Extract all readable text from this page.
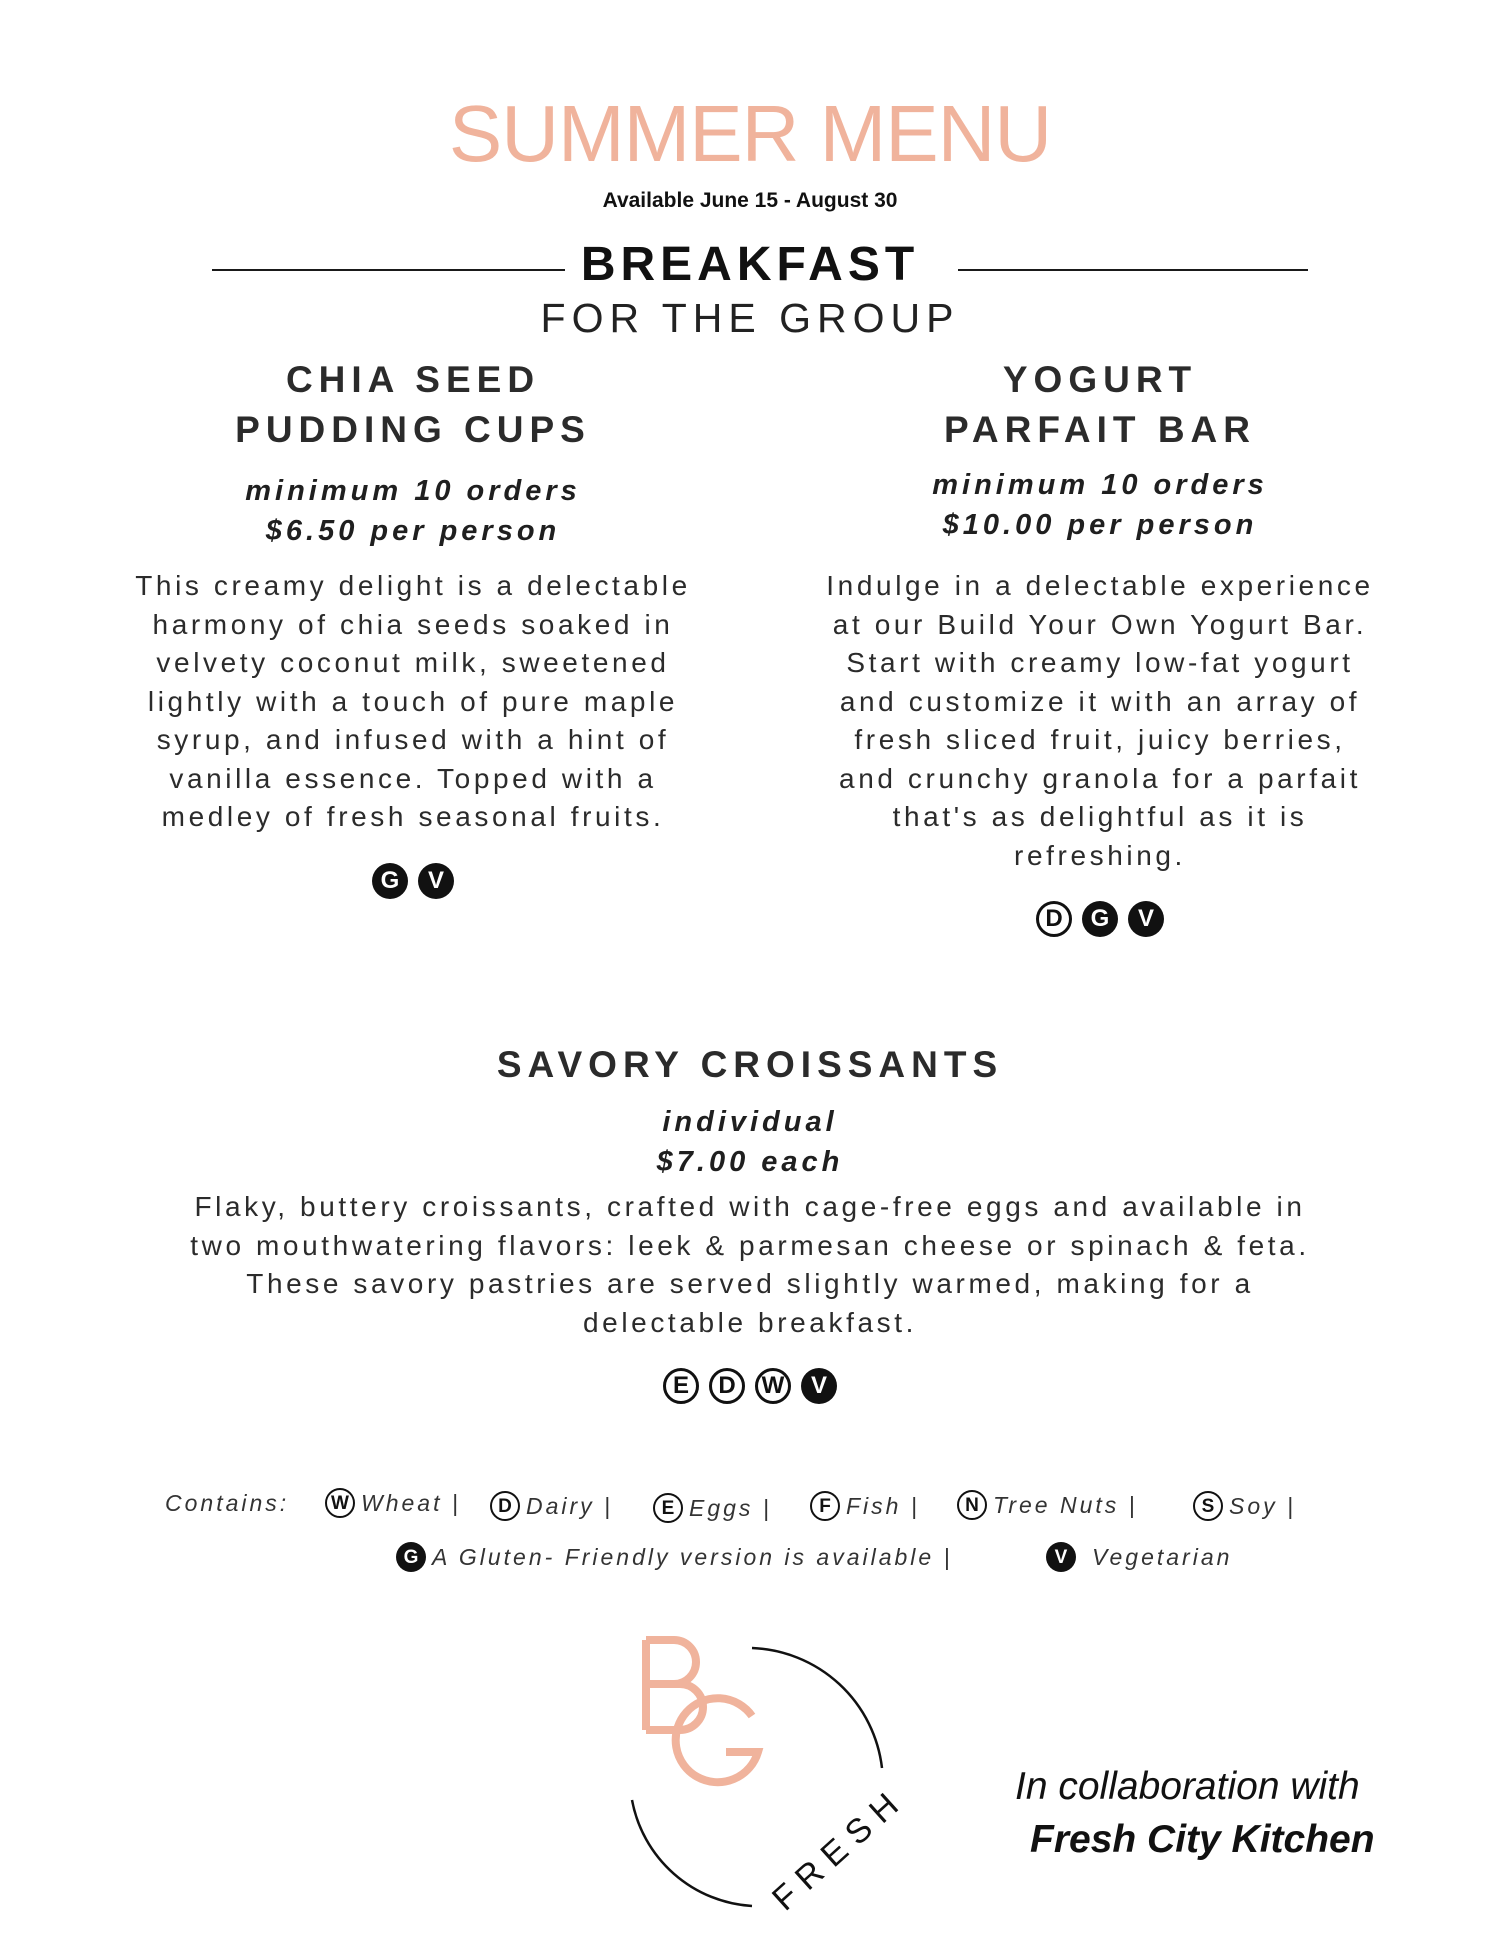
SUMMER MENU
Available June 15 - August 30
BREAKFAST
FOR THE GROUP
CHIA SEED
PUDDING CUPS
minimum 10 orders
$6.50 per person
This creamy delight is a delectable harmony of chia seeds soaked in velvety coconut milk, sweetened lightly with a touch of pure maple syrup, and infused with a hint of vanilla essence. Topped with a medley of fresh seasonal fruits.
G	V
YOGURT
PARFAIT BAR
minimum 10 orders
$10.00 per person
Indulge in a delectable experience at our Build Your Own Yogurt Bar. Start with creamy low-fat yogurt and customize it with an array of fresh sliced fruit, juicy berries, and crunchy granola for a parfait that's as delightful as it is refreshing.
D	G	V
SAVORY CROISSANTS
individual
$7.00 each
Flaky, buttery croissants, crafted with cage-free eggs and available in two mouthwatering flavors: leek & parmesan cheese or spinach & feta. These savory pastries are served slightly warmed, making for a delectable breakfast.
E	D	W	V
Contains:	W Wheat |	D Dairy |	E Eggs |	F Fish |	N Tree Nuts |	S Soy |
G A Gluten- Friendly version is available |	V	Vegetarian
FRESH	In collaboration with
Fresh City Kitchen
